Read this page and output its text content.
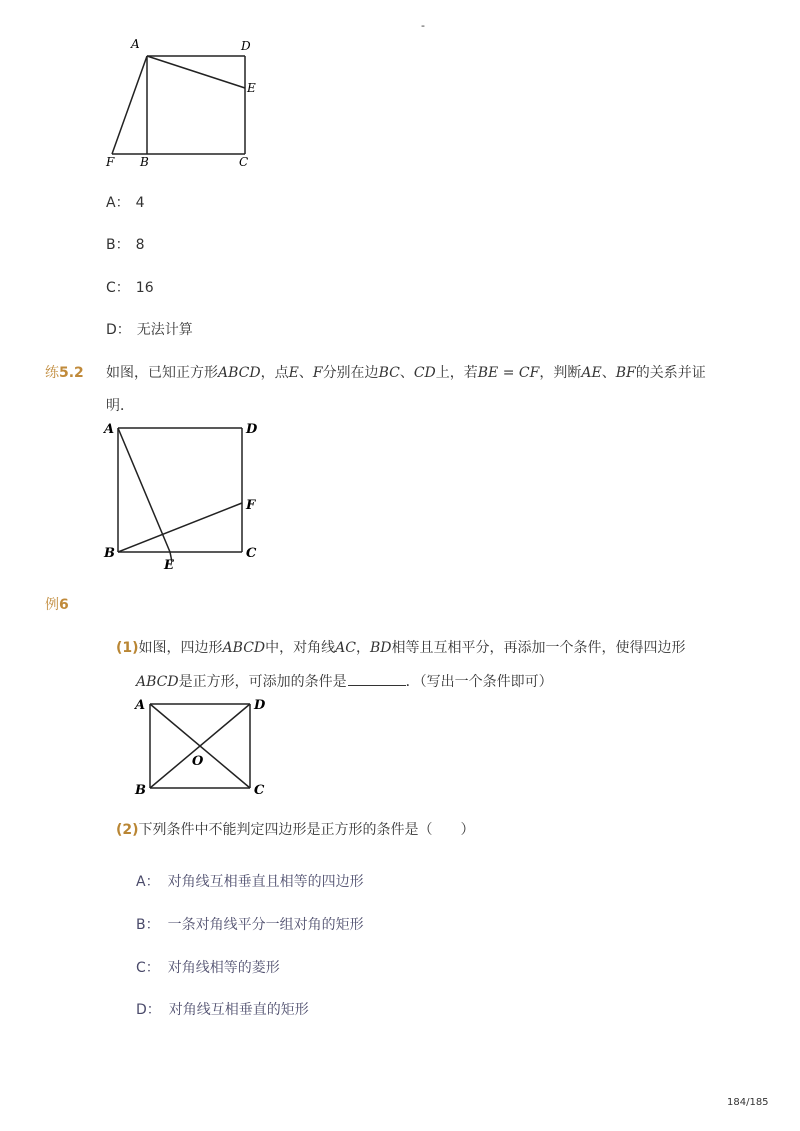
-
A	D
E
F B	C
A： 4
B： 8
C： 16
D： 无法计算
练5.2 如图，已知正方形ABCD，点E、F分别在边BC、CD上，若BE = CF，判断AE、BF的关系并证
明．
A	D
F
B
E
C
例6
(1)如图，四边形ABCD中，对角线AC，BD相等且互相平分，再添加一个条件，使得四边形
ABCD是正方形，可添加的条件是	．（写出一个条件即可）
A	D
O
B	C
(2)下列条件中不能判定四边形是正方形的条件是（　　）
A： 对角线互相垂直且相等的四边形
B： 一条对角线平分一组对角的矩形
C： 对角线相等的菱形
D： 对角线互相垂直的矩形
184/185
